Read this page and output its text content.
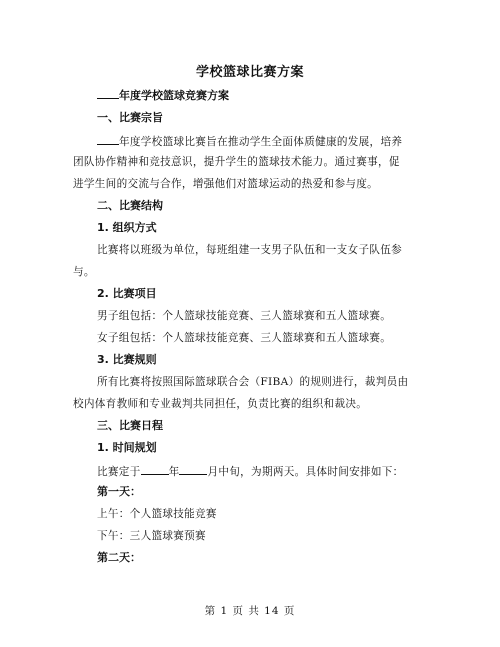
学校篮球比赛方案
年度学校篮球竞赛方案
一、比赛宗旨
年度学校篮球比赛旨在推动学生全面体质健康的发展，培养
团队协作精神和竞技意识，提升学生的篮球技术能力。通过赛事，促
进学生间的交流与合作，增强他们对篮球运动的热爱和参与度。
二、比赛结构
1. 组织方式
比赛将以班级为单位，每班组建一支男子队伍和一支女子队伍参
与。
2. 比赛项目
男子组包括：个人篮球技能竞赛、三人篮球赛和五人篮球赛。
女子组包括：个人篮球技能竞赛、三人篮球赛和五人篮球赛。
3. 比赛规则
所有比赛将按照国际篮球联合会（FIBA）的规则进行，裁判员由
校内体育教师和专业裁判共同担任，负责比赛的组织和裁决。
三、比赛日程
1. 时间规划
比赛定于	年	月中旬，为期两天。具体时间安排如下：
第一天：
上午：个人篮球技能竞赛
下午：三人篮球赛预赛
第二天：
第 1 页 共 14 页
